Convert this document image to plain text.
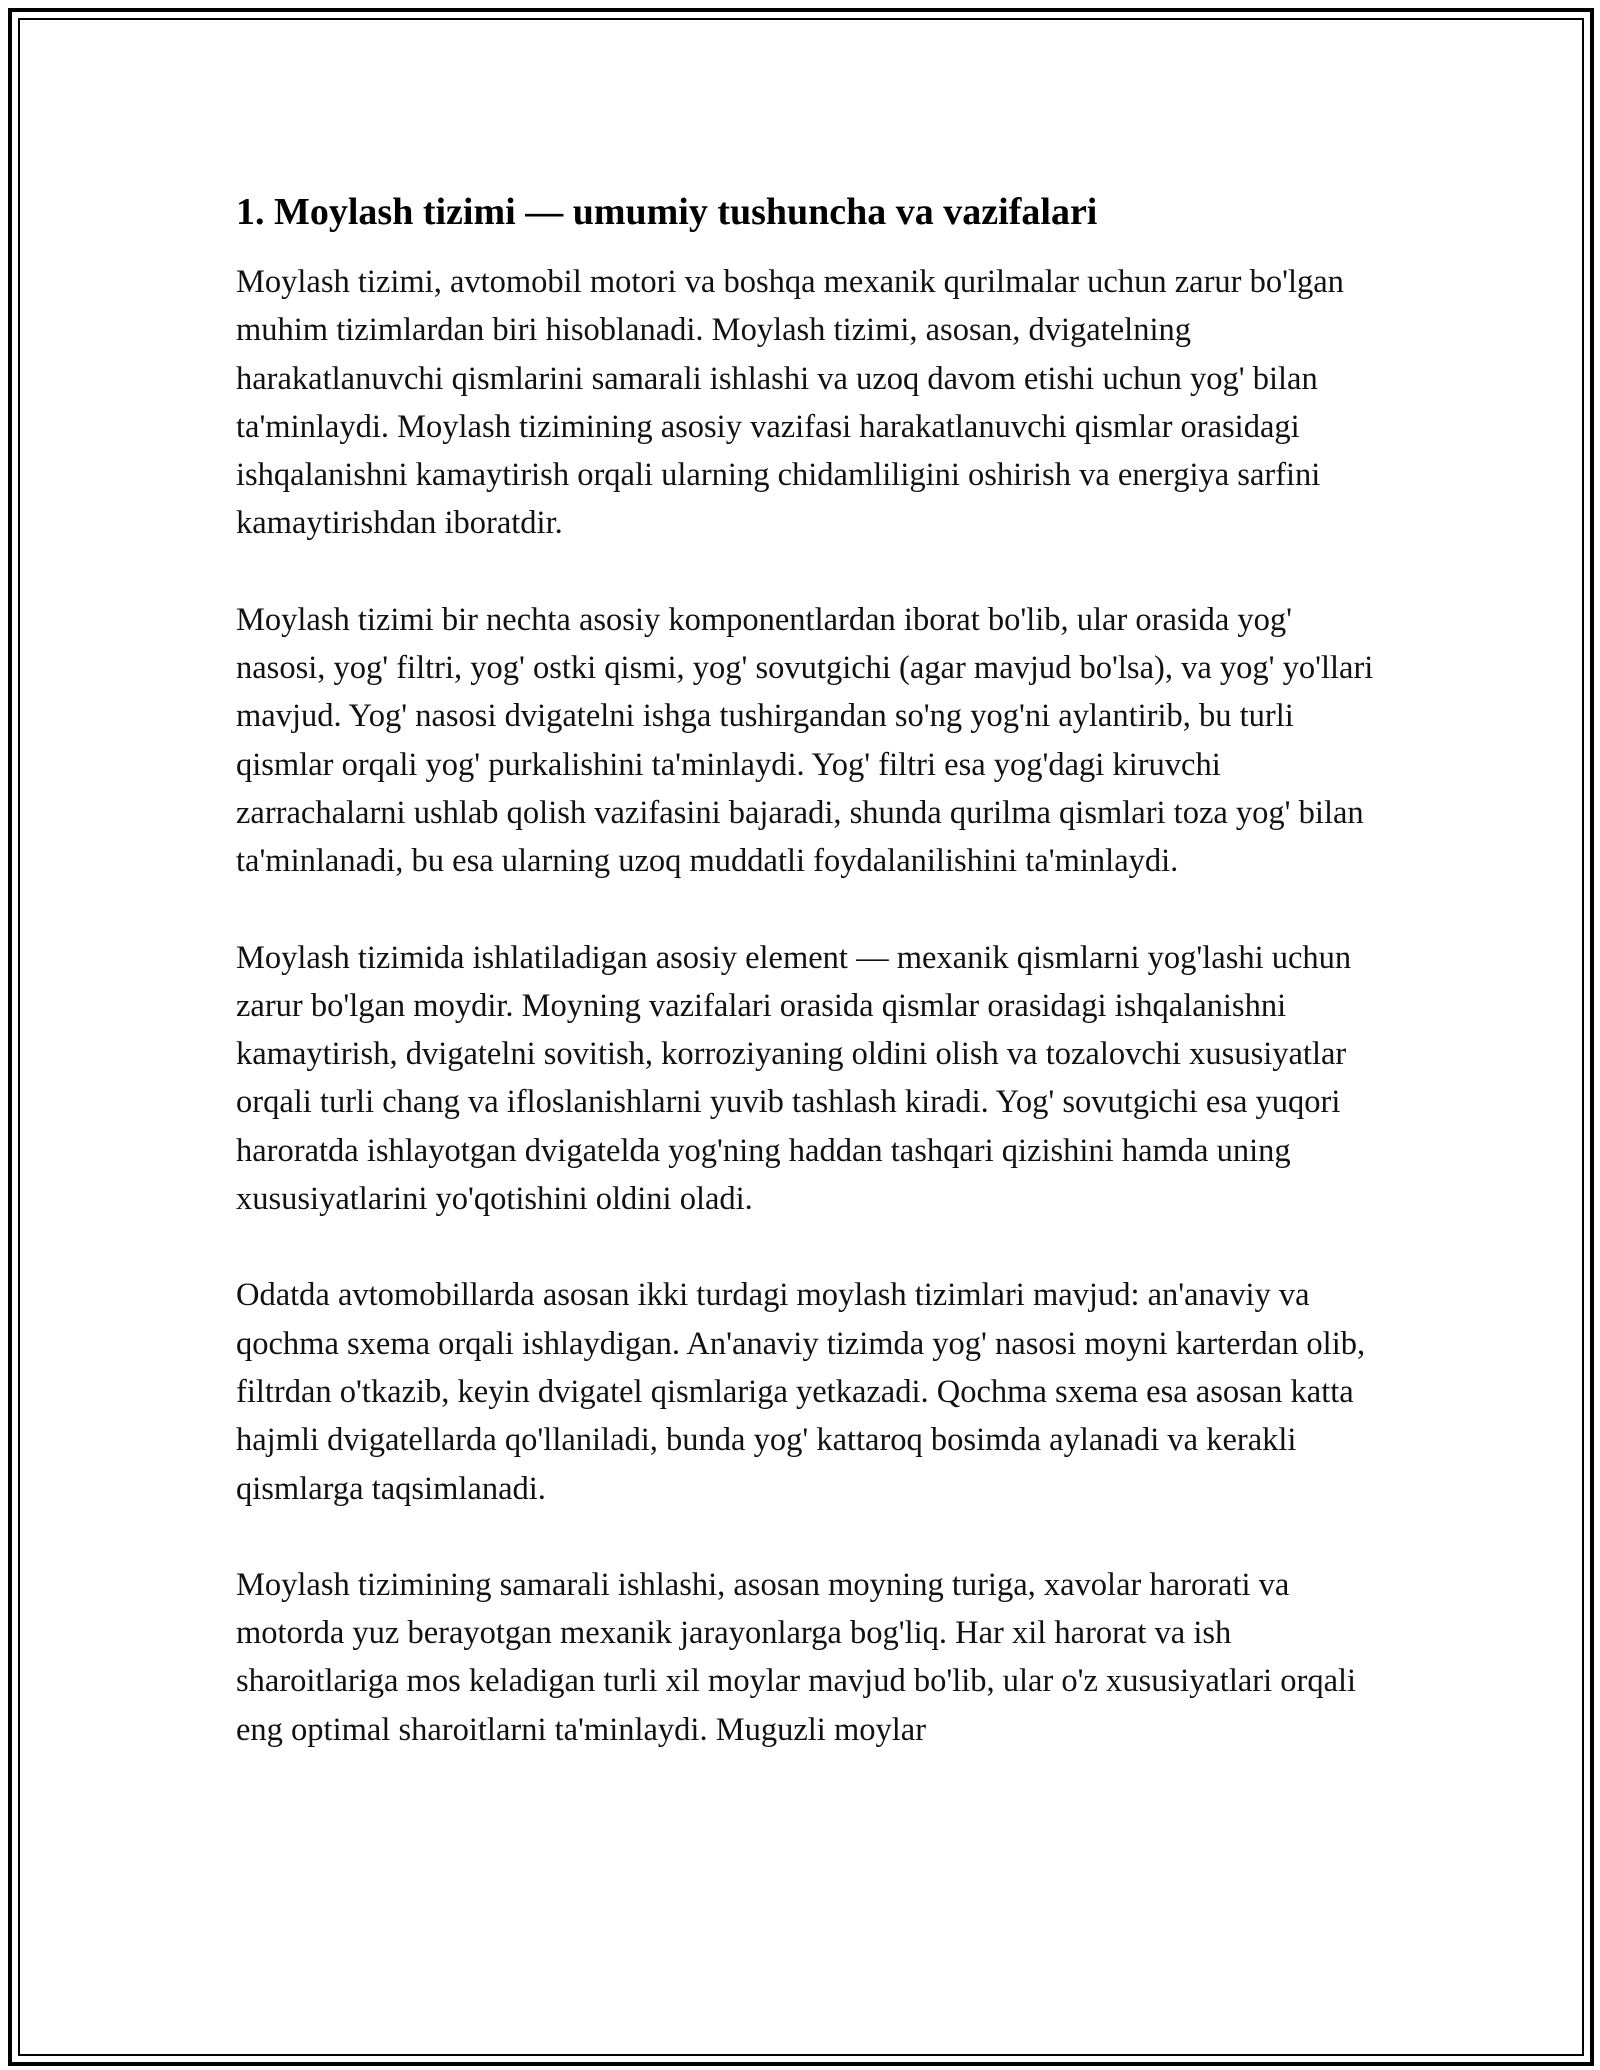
1. Moylash tizimi — umumiy tushuncha va vazifalari

Moylash tizimi, avtomobil motori va boshqa mexanik qurilmalar uchun zarur bo'lgan muhim tizimlardan biri hisoblanadi. Moylash tizimi, asosan, dvigatelning harakatlanuvchi qismlarini samarali ishlashi va uzoq davom etishi uchun yog' bilan ta'minlaydi. Moylash tizimining asosiy vazifasi harakatlanuvchi qismlar orasidagi ishqalanishni kamaytirish orqali ularning chidamliligini oshirish va energiya sarfini kamaytirishdan iboratdir.

Moylash tizimi bir nechta asosiy komponentlardan iborat bo'lib, ular orasida yog' nasosi, yog' filtri, yog' ostki qismi, yog' sovutgichi (agar mavjud bo'lsa), va yog' yo'llari mavjud. Yog' nasosi dvigatelni ishga tushirgandan so'ng yog'ni aylantirib, bu turli qismlar orqali yog' purkalishini ta'minlaydi. Yog' filtri esa yog'dagi kiruvchi zarrachalarni ushlab qolish vazifasini bajaradi, shunda qurilma qismlari toza yog' bilan ta'minlanadi, bu esa ularning uzoq muddatli foydalanilishini ta'minlaydi.

Moylash tizimida ishlatiladigan asosiy element — mexanik qismlarni yog'lashi uchun zarur bo'lgan moydir. Moyning vazifalari orasida qismlar orasidagi ishqalanishni kamaytirish, dvigatelni sovitish, korroziyaning oldini olish va tozalovchi xususiyatlar orqali turli chang va ifloslanishlarni yuvib tashlash kiradi. Yog' sovutgichi esa yuqori haroratda ishlayotgan dvigatelda yog'ning haddan tashqari qizishini hamda uning xususiyatlarini yo'qotishini oldini oladi.

Odatda avtomobillarda asosan ikki turdagi moylash tizimlari mavjud: an'anaviy va qochma sxema orqali ishlaydigan. An'anaviy tizimda yog' nasosi moyni karterdan olib, filtrdan o'tkazib, keyin dvigatel qismlariga yetkazadi. Qochma sxema esa asosan katta hajmli dvigatellarda qo'llaniladi, bunda yog' kattaroq bosimda aylanadi va kerakli qismlarga taqsimlanadi.

Moylash tizimining samarali ishlashi, asosan moyning turiga, xavolar harorati va motorda yuz berayotgan mexanik jarayonlarga bog'liq. Har xil harorat va ish sharoitlariga mos keladigan turli xil moylar mavjud bo'lib, ular o'z xususiyatlari orqali eng optimal sharoitlarni ta'minlaydi. Muguzli moylar
